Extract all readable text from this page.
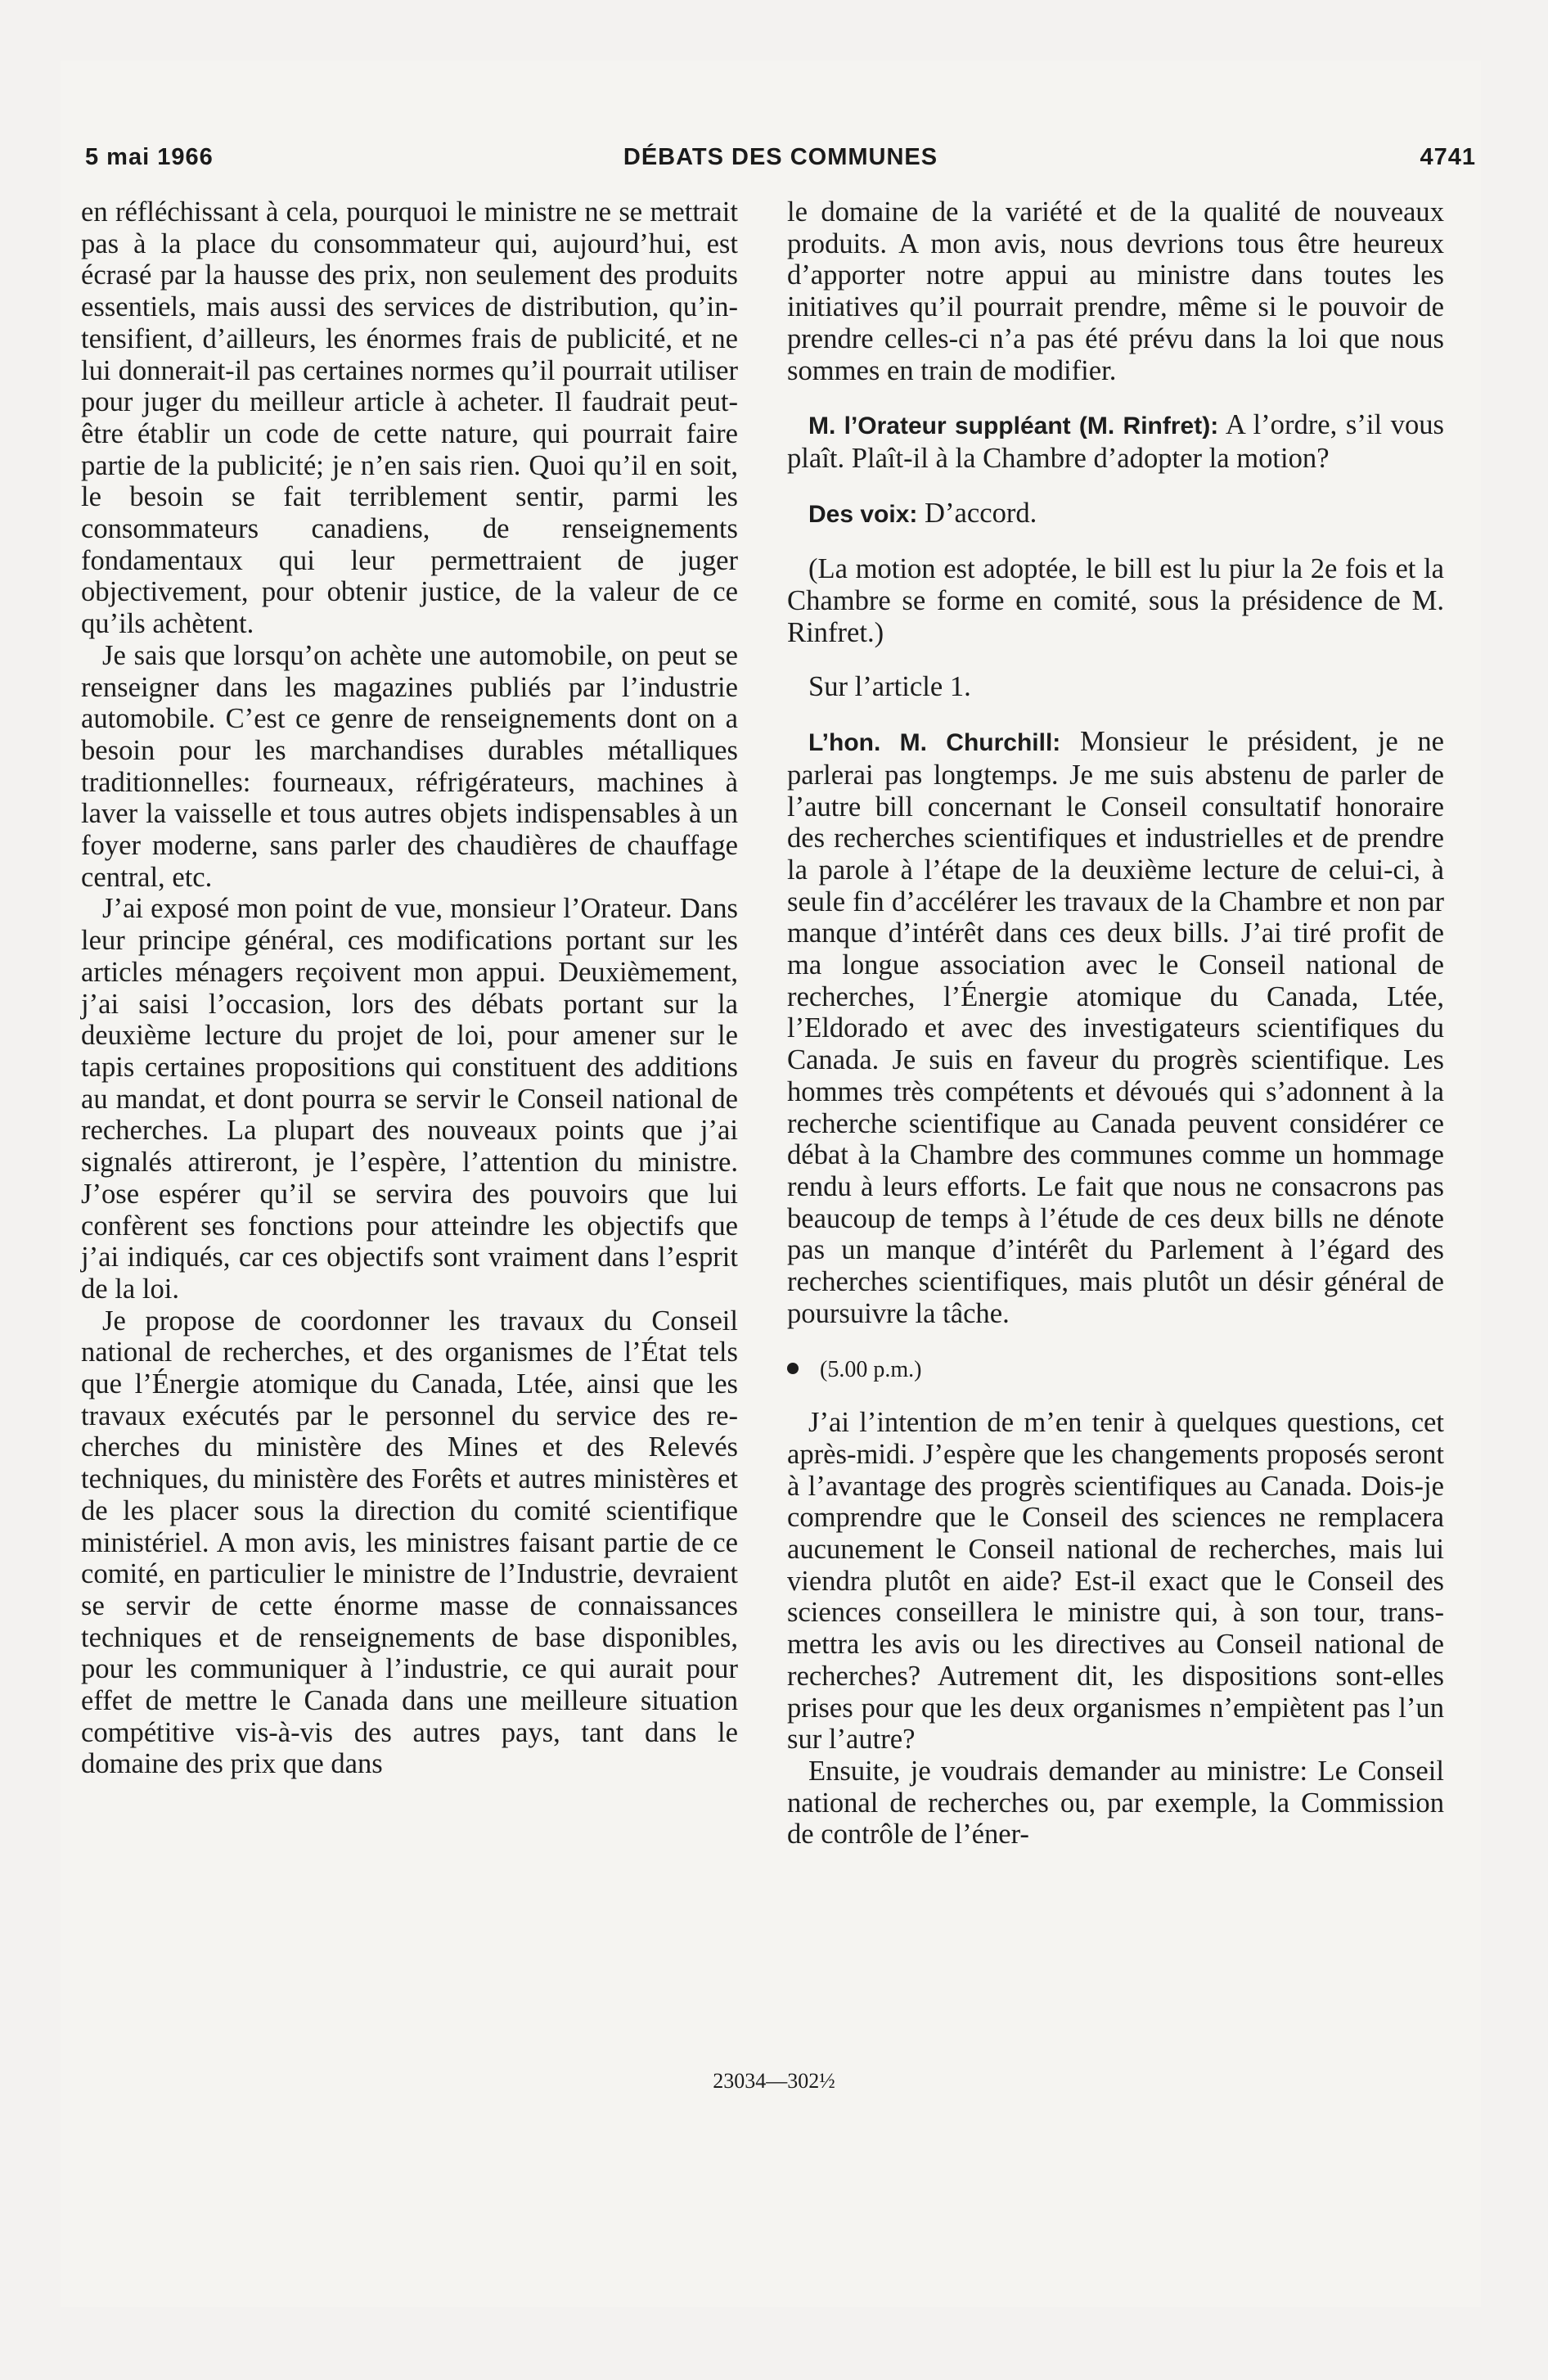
5 mai 1966	DÉBATS DES COMMUNES	4741

en réfléchissant à cela, pourquoi le ministre ne se mettrait pas à la place du consommateur qui, aujourd’hui, est écrasé par la hausse des prix, non seulement des produits essentiels, mais aussi des services de distribution, qu’intensifient, d’ailleurs, les énormes frais de publicité, et ne lui donnerait-il pas certaines normes qu’il pourrait utiliser pour juger du meilleur article à acheter. Il faudrait peut-être établir un code de cette nature, qui pourrait faire partie de la publicité; je n’en sais rien. Quoi qu’il en soit, le besoin se fait terriblement sentir, parmi les consommateurs canadiens, de renseignements fondamentaux qui leur permettraient de juger objectivement, pour obtenir justice, de la valeur de ce qu’ils achètent.

Je sais que lorsqu’on achète une automobile, on peut se renseigner dans les magazines publiés par l’industrie automobile. C’est ce genre de renseignements dont on a besoin pour les marchandises durables métalliques traditionnelles: fourneaux, réfrigérateurs, machines à laver la vaisselle et tous autres objets indispensables à un foyer moderne, sans parler des chaudières de chauffage central, etc.

J’ai exposé mon point de vue, monsieur l’Orateur. Dans leur principe général, ces modifications portant sur les articles ménagers reçoivent mon appui. Deuxièmement, j’ai saisi l’occasion, lors des débats portant sur la deuxième lecture du projet de loi, pour amener sur le tapis certaines propositions qui constituent des additions au mandat, et dont pourra se servir le Conseil national de recherches. La plupart des nouveaux points que j’ai signalés attireront, je l’espère, l’attention du ministre. J’ose espérer qu’il se servira des pouvoirs que lui confèrent ses fonctions pour atteindre les objectifs que j’ai indiqués, car ces objectifs sont vraiment dans l’esprit de la loi.

Je propose de coordonner les travaux du Conseil national de recherches, et des organismes de l’État tels que l’Énergie atomique du Canada, Ltée, ainsi que les travaux exécutés par le personnel du service des recherches du ministère des Mines et des Relevés techniques, du ministère des Forêts et autres ministères et de les placer sous la direction du comité scientifique ministériel. A mon avis, les ministres faisant partie de ce comité, en particulier le ministre de l’Industrie, devraient se servir de cette énorme masse de connaissances techniques et de renseignements de base disponibles, pour les communiquer à l’industrie, ce qui aurait pour effet de mettre le Canada dans une meilleure situation compétitive vis-à-vis des autres pays, tant dans le domaine des prix que dans

le domaine de la variété et de la qualité de nouveaux produits. A mon avis, nous devrions tous être heureux d’apporter notre appui au ministre dans toutes les initiatives qu’il pourrait prendre, même si le pouvoir de prendre celles-ci n’a pas été prévu dans la loi que nous sommes en train de modifier.

M. l’Orateur suppléant (M. Rinfret): A l’ordre, s’il vous plaît. Plaît-il à la Chambre d’adopter la motion?

Des voix: D’accord.

(La motion est adoptée, le bill est lu piur la 2e fois et la Chambre se forme en comité, sous la présidence de M. Rinfret.)

Sur l’article 1.

L’hon. M. Churchill: Monsieur le président, je ne parlerai pas longtemps. Je me suis abstenu de parler de l’autre bill concernant le Conseil consultatif honoraire des recherches scientifiques et industrielles et de prendre la parole à l’étape de la deuxième lecture de celui-ci, à seule fin d’accélérer les travaux de la Chambre et non par manque d’intérêt dans ces deux bills. J’ai tiré profit de ma longue association avec le Conseil national de recherches, l’Énergie atomique du Canada, Ltée, l’Eldorado et avec des investigateurs scientifiques du Canada. Je suis en faveur du progrès scientifique. Les hommes très compétents et dévoués qui s’adonnent à la recherche scientifique au Canada peuvent considérer ce débat à la Chambre des communes comme un hommage rendu à leurs efforts. Le fait que nous ne consacrons pas beaucoup de temps à l’étude de ces deux bills ne dénote pas un manque d’intérêt du Parlement à l’égard des recherches scientifiques, mais plutôt un désir général de poursuivre la tâche.

(5.00 p.m.)

J’ai l’intention de m’en tenir à quelques questions, cet après-midi. J’espère que les changements proposés seront à l’avantage des progrès scientifiques au Canada. Dois-je comprendre que le Conseil des sciences ne remplacera aucunement le Conseil national de recherches, mais lui viendra plutôt en aide? Est-il exact que le Conseil des sciences conseillera le ministre qui, à son tour, transmettra les avis ou les directives au Conseil national de recherches? Autrement dit, les dispositions sont-elles prises pour que les deux organismes n’empiètent pas l’un sur l’autre?

Ensuite, je voudrais demander au ministre: Le Conseil national de recherches ou, par exemple, la Commission de contrôle de l’éner-

23034—302½
